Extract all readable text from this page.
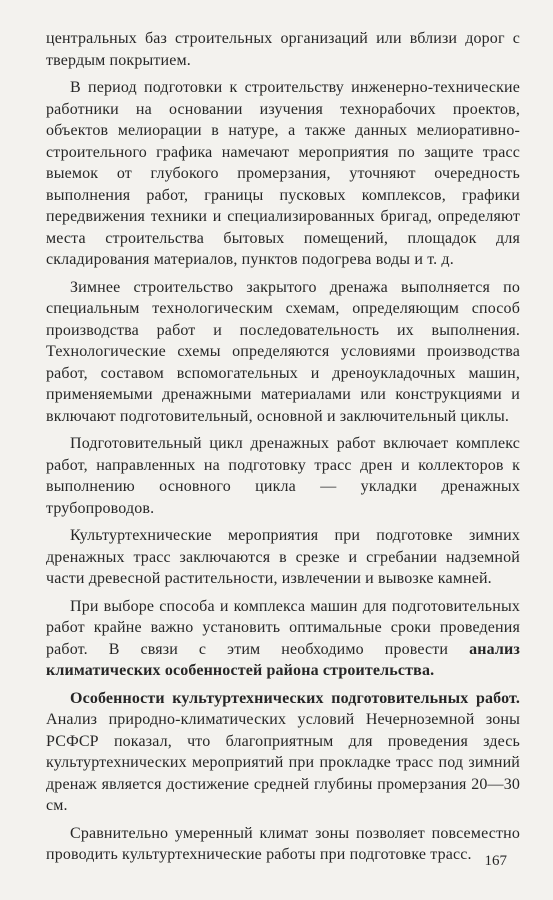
центральных баз строительных организаций или вблизи дорог с твердым покрытием.

В период подготовки к строительству инженерно-технические работники на основании изучения технорабочих проектов, объектов мелиорации в натуре, а также данных мелиоративно-строительного графика намечают мероприятия по защите трасс выемок от глубокого промерзания, уточняют очередность выполнения работ, границы пусковых комплексов, графики передвижения техники и специализированных бригад, определяют места строительства бытовых помещений, площадок для складирования материалов, пунктов подогрева воды и т. д.

Зимнее строительство закрытого дренажа выполняется по специальным технологическим схемам, определяющим способ производства работ и последовательность их выполнения. Технологические схемы определяются условиями производства работ, составом вспомогательных и дреноукладочных машин, применяемыми дренажными материалами или конструкциями и включают подготовительный, основной и заключительный циклы.

Подготовительный цикл дренажных работ включает комплекс работ, направленных на подготовку трасс дрен и коллекторов к выполнению основного цикла — укладки дренажных трубопроводов.

Культуртехнические мероприятия при подготовке зимних дренажных трасс заключаются в срезке и сгребании надземной части древесной растительности, извлечении и вывозке камней.

При выборе способа и комплекса машин для подготовительных работ крайне важно установить оптимальные сроки проведения работ. В связи с этим необходимо провести анализ климатических особенностей района строительства.

Особенности культуртехнических подготовительных работ. Анализ природно-климатических условий Нечерноземной зоны РСФСР показал, что благоприятным для проведения здесь культуртехнических мероприятий при прокладке трасс под зимний дренаж является достижение средней глубины промерзания 20—30 см.

Сравнительно умеренный климат зоны позволяет повсеместно проводить культуртехнические работы при подготовке трасс. 167
